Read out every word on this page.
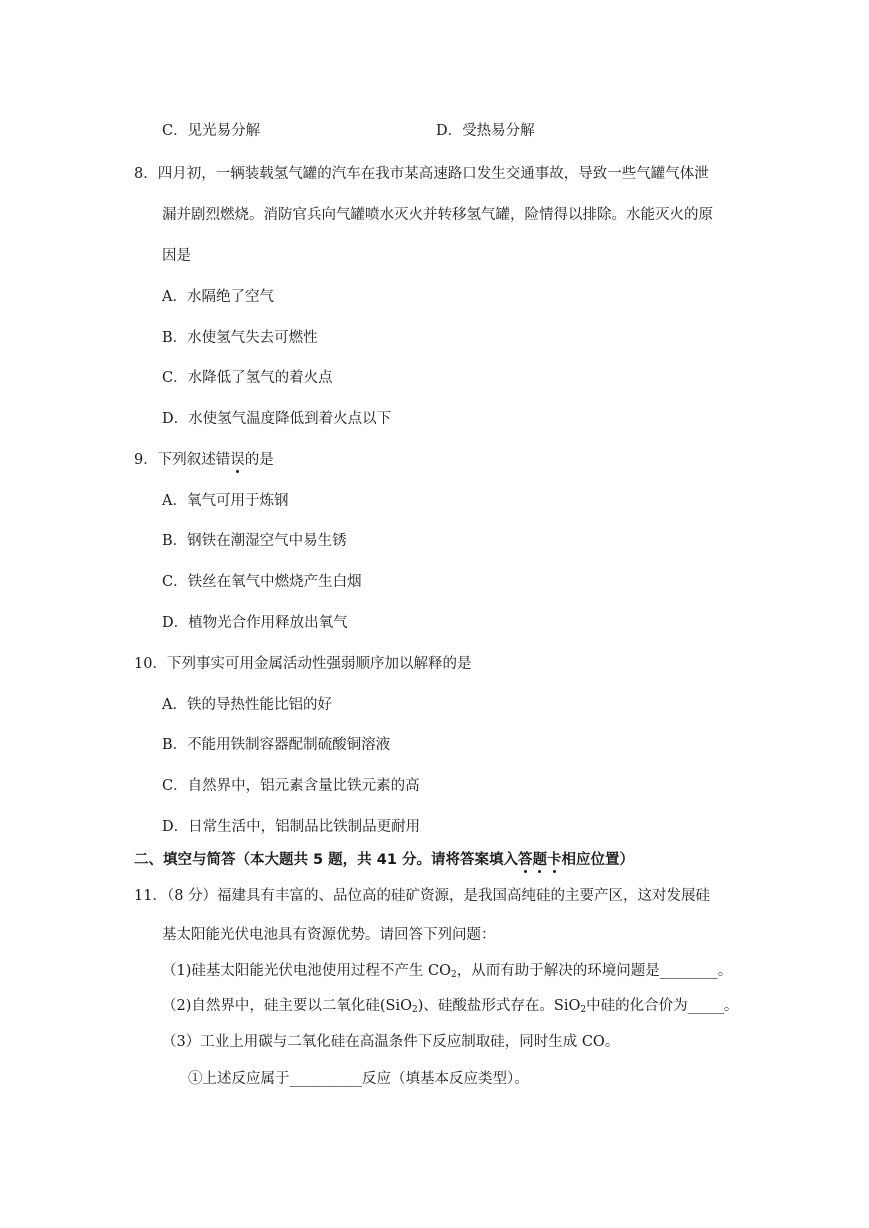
C．见光易分解	D．受热易分解
8．四月初，一辆装载氢气罐的汽车在我市某高速路口发生交通事故，导致一些气罐气体泄
漏并剧烈燃烧。消防官兵向气罐喷水灭火并转移氢气罐，险情得以排除。水能灭火的原
因是
A．水隔绝了空气
B．水使氢气失去可燃性
C．水降低了氢气的着火点
D．水使氢气温度降低到着火点以下
9．下列叙述错误的是
A．氧气可用于炼钢
B．钢铁在潮湿空气中易生锈
C．铁丝在氧气中燃烧产生白烟
D．植物光合作用释放出氧气
10．下列事实可用金属活动性强弱顺序加以解释的是
A．铁的导热性能比铝的好
B．不能用铁制容器配制硫酸铜溶液
C．自然界中，铝元素含量比铁元素的高
D．日常生活中，铝制品比铁制品更耐用
二、填空与简答（本大题共 5 题，共 41 分。请将答案填入答题卡相应位置）
11．（8 分）福建具有丰富的、品位高的硅矿资源，是我国高纯硅的主要产区，这对发展硅
基太阳能光伏电池具有资源优势。请回答下列问题：
（1)硅基太阳能光伏电池使用过程不产生 $CO_2$，从而有助于解决的环境问题是________。
（2)自然界中，硅主要以二氧化硅(SiO$_2$)、硅酸盐形式存在。SiO$_2$中硅的化合价为_____。
（3）工业上用碳与二氧化硅在高温条件下反应制取硅，同时生成 CO。
①上述反应属于__________反应（填基本反应类型）。
